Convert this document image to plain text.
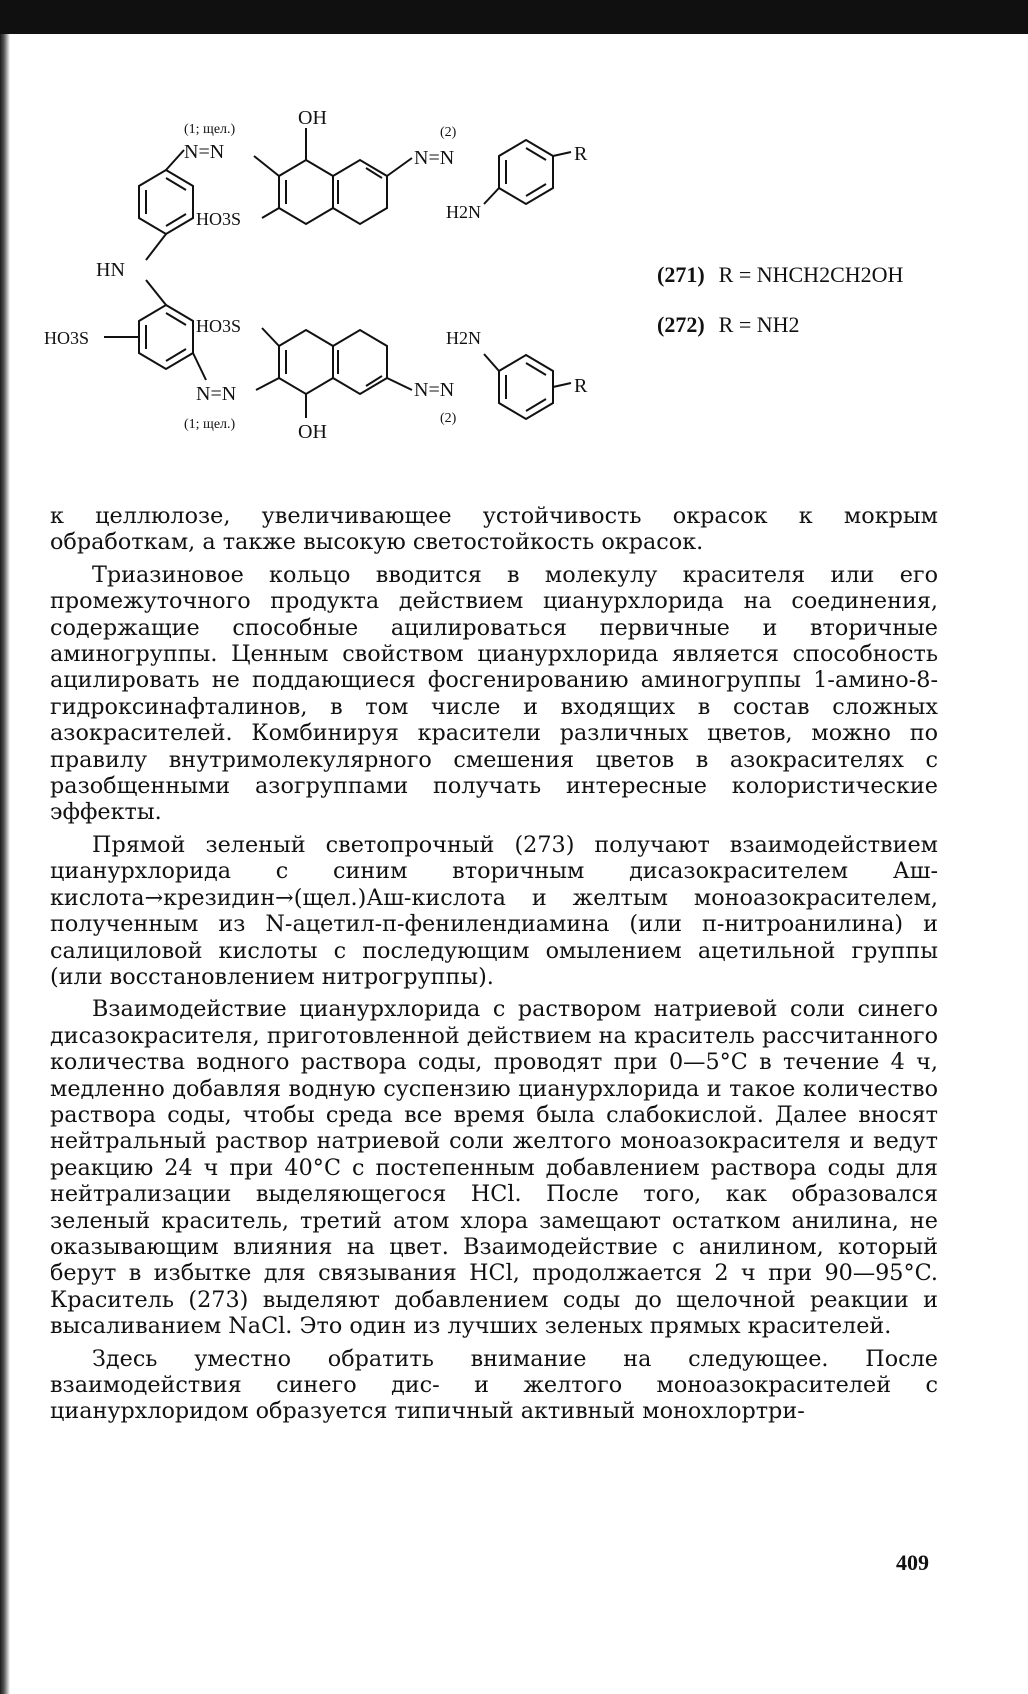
OH
(1; щел.)
N=N
HO3S
(2)
N=N
H2N
R
HN
HO3S
HO3S
H2N
N=N
(1; щел.)
N=N
(2)
R
OH
(271) R = NHCH2CH2OH
(272) R = NH2

к целлюлозе, увеличивающее устойчивость окрасок к мокрым обработкам, а также высокую светостойкость окрасок.

Триазиновое кольцо вводится в молекулу красителя или его промежуточного продукта действием цианурхлорида на соединения, содержащие способные ацилироваться первичные и вторичные аминогруппы. Ценным свойством цианурхлорида является способность ацилировать не поддающиеся фосгенированию аминогруппы 1-амино-8-гидроксинафталинов, в том числе и входящих в состав сложных азокрасителей. Комбинируя красители различных цветов, можно по правилу внутримолекулярного смешения цветов в азокрасителях с разобщенными азогруппами получать интересные колористические эффекты.

Прямой зеленый светопрочный (273) получают взаимодействием цианурхлорида с синим вторичным дисазокрасителем Аш-кислота→крезидин→(щел.)Аш-кислота и желтым моноазокрасителем, полученным из N-ацетил-п-фенилендиамина (или п-нитроанилина) и салициловой кислоты с последующим омылением ацетильной группы (или восстановлением нитрогруппы).

Взаимодействие цианурхлорида с раствором натриевой соли синего дисазокрасителя, приготовленной действием на краситель рассчитанного количества водного раствора соды, проводят при 0—5°C в течение 4 ч, медленно добавляя водную суспензию цианурхлорида и такое количество раствора соды, чтобы среда все время была слабокислой. Далее вносят нейтральный раствор натриевой соли желтого моноазокрасителя и ведут реакцию 24 ч при 40°C с постепенным добавлением раствора соды для нейтрализации выделяющегося HCl. После того, как образовался зеленый краситель, третий атом хлора замещают остатком анилина, не оказывающим влияния на цвет. Взаимодействие с анилином, который берут в избытке для связывания HCl, продолжается 2 ч при 90—95°C. Краситель (273) выделяют добавлением соды до щелочной реакции и высаливанием NaCl. Это один из лучших зеленых прямых красителей.

Здесь уместно обратить внимание на следующее. После взаимодействия синего дис- и желтого моноазокрасителей с цианурхлоридом образуется типичный активный монохлортри-

409
